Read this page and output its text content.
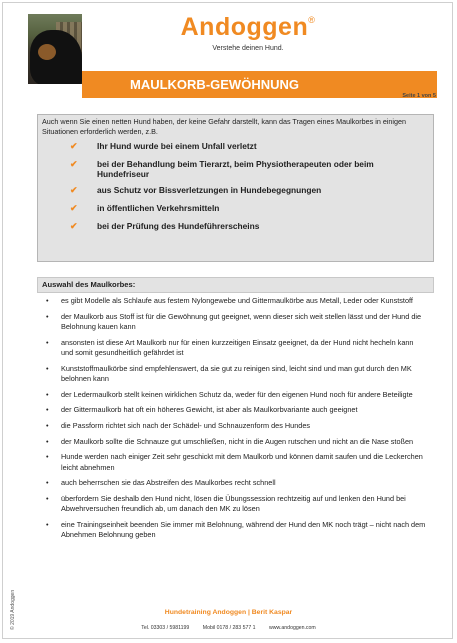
Andoggen®
Verstehe deinen Hund.
MAULKORB-GEWÖHNUNG
Seite 1 von 5
Auch wenn Sie einen netten Hund haben, der keine Gefahr darstellt, kann das Tragen eines Maulkorbes in einigen Situationen erforderlich werden, z.B.
✔ Ihr Hund wurde bei einem Unfall verletzt
✔ bei der Behandlung beim Tierarzt, beim Physiotherapeuten oder beim Hundefriseur
✔ aus Schutz vor Bissverletzungen in Hundebegegnungen
✔ in öffentlichen Verkehrsmitteln
✔ bei der Prüfung des Hundeführerscheins
Auswahl des Maulkorbes:
• es gibt Modelle als Schlaufe aus festem Nylongewebe und Gittermaulkörbe aus Metall, Leder oder Kunststoff
• der Maulkorb aus Stoff ist für die Gewöhnung gut geeignet, wenn dieser sich weit stellen lässt und der Hund die Belohnung kauen kann
• ansonsten ist diese Art Maulkorb nur für einen kurzzeitigen Einsatz geeignet, da der Hund nicht hecheln kann und somit gesundheitlich gefährdet ist
• Kunststoffmaulkörbe sind empfehlenswert, da sie gut zu reinigen sind, leicht sind und man gut durch den MK belohnen kann
• der Ledermaulkorb stellt keinen wirklichen Schutz da, weder für den eigenen Hund noch für andere Beteiligte
• der Gittermaulkorb hat oft ein höheres Gewicht, ist aber als Maulkorbvariante auch geeignet
• die Passform richtet sich nach der Schädel- und Schnauzenform des Hundes
• der Maulkorb sollte die Schnauze gut umschließen, nicht in die Augen rutschen und nicht an die Nase stoßen
• Hunde werden nach einiger Zeit sehr geschickt mit dem Maulkorb und können damit saufen und die Leckerchen leicht abnehmen
• auch beherrschen sie das Abstreifen des Maulkorbes recht schnell
• überfordern Sie deshalb den Hund nicht, lösen die Übungssession rechtzeitig auf und lenken den Hund bei Abwehrversuchen freundlich ab, um danach den MK zu lösen
• eine Trainingseinheit beenden Sie immer mit Belohnung, während der Hund den MK noch trägt – nicht nach dem Abnehmen Belohnung geben
© 2019 Andoggen	Hundetraining Andoggen | Berit Kaspar
Tel. 03303 / 5981199	Mobil 0178 / 283 577 1	www.andoggen.com
